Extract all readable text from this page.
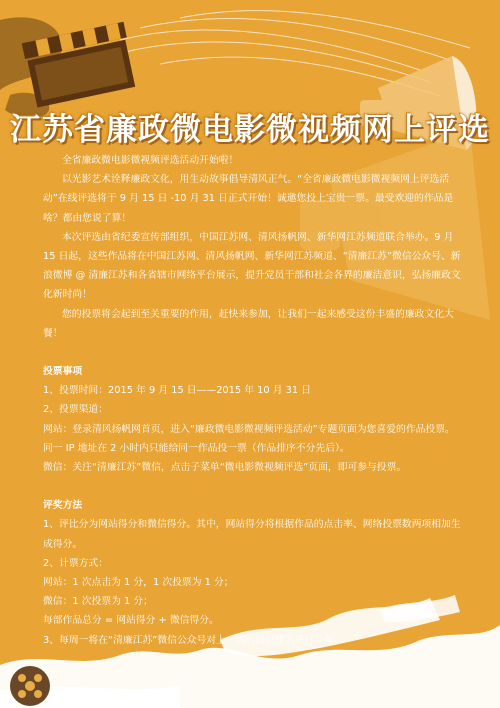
江苏省廉政微电影微视频网上评选

全省廉政微电影微视频评选活动开始啦！

以光影艺术诠释廉政文化，用生动故事倡导清风正气。“全省廉政微电影微视频网上评选活动”在线评选将于 9 月 15 日 -10 月 31 日正式开始！诚邀您投上宝贵一票。最受欢迎的作品是啥？都由您说了算！

本次评选由省纪委宣传部组织，中国江苏网、清风扬帆网、新华网江苏频道联合举办。9 月 15 日起，这些作品将在中国江苏网、清风扬帆网、新华网江苏频道、“清廉江苏”微信公众号、新浪微博 @ 清廉江苏和各省辖市网络平台展示，提升党员干部和社会各界的廉洁意识，弘扬廉政文化新时尚！

您的投票将会起到至关重要的作用，赶快来参加，让我们一起来感受这份丰盛的廉政文化大餐！

投票事项

1、投票时间：2015 年 9 月 15 日——2015 年 10 月 31 日

2、投票渠道：

网站：登录清风扬帆网首页，进入“廉政微电影微视频评选活动”专题页面为您喜爱的作品投票。同一 IP 地址在 2 小时内只能给同一作品投一票（作品排序不分先后）。

微信：关注“清廉江苏”微信，点击子菜单“微电影微视频评选”页面，即可参与投票。

评奖方法

1、评比分为网站得分和微信得分。其中，网站得分将根据作品的点击率、网络投票数两项相加生成得分。

2、计票方式：

网站：1 次点击为 1 分，1 次投票为 1 分；

微信：1 次投票为 1 分；

每部作品总分 = 网站得分 + 微信得分。

3、每周一将在“清廉江苏”微信公众号对上一周的投票排名进行公布。
